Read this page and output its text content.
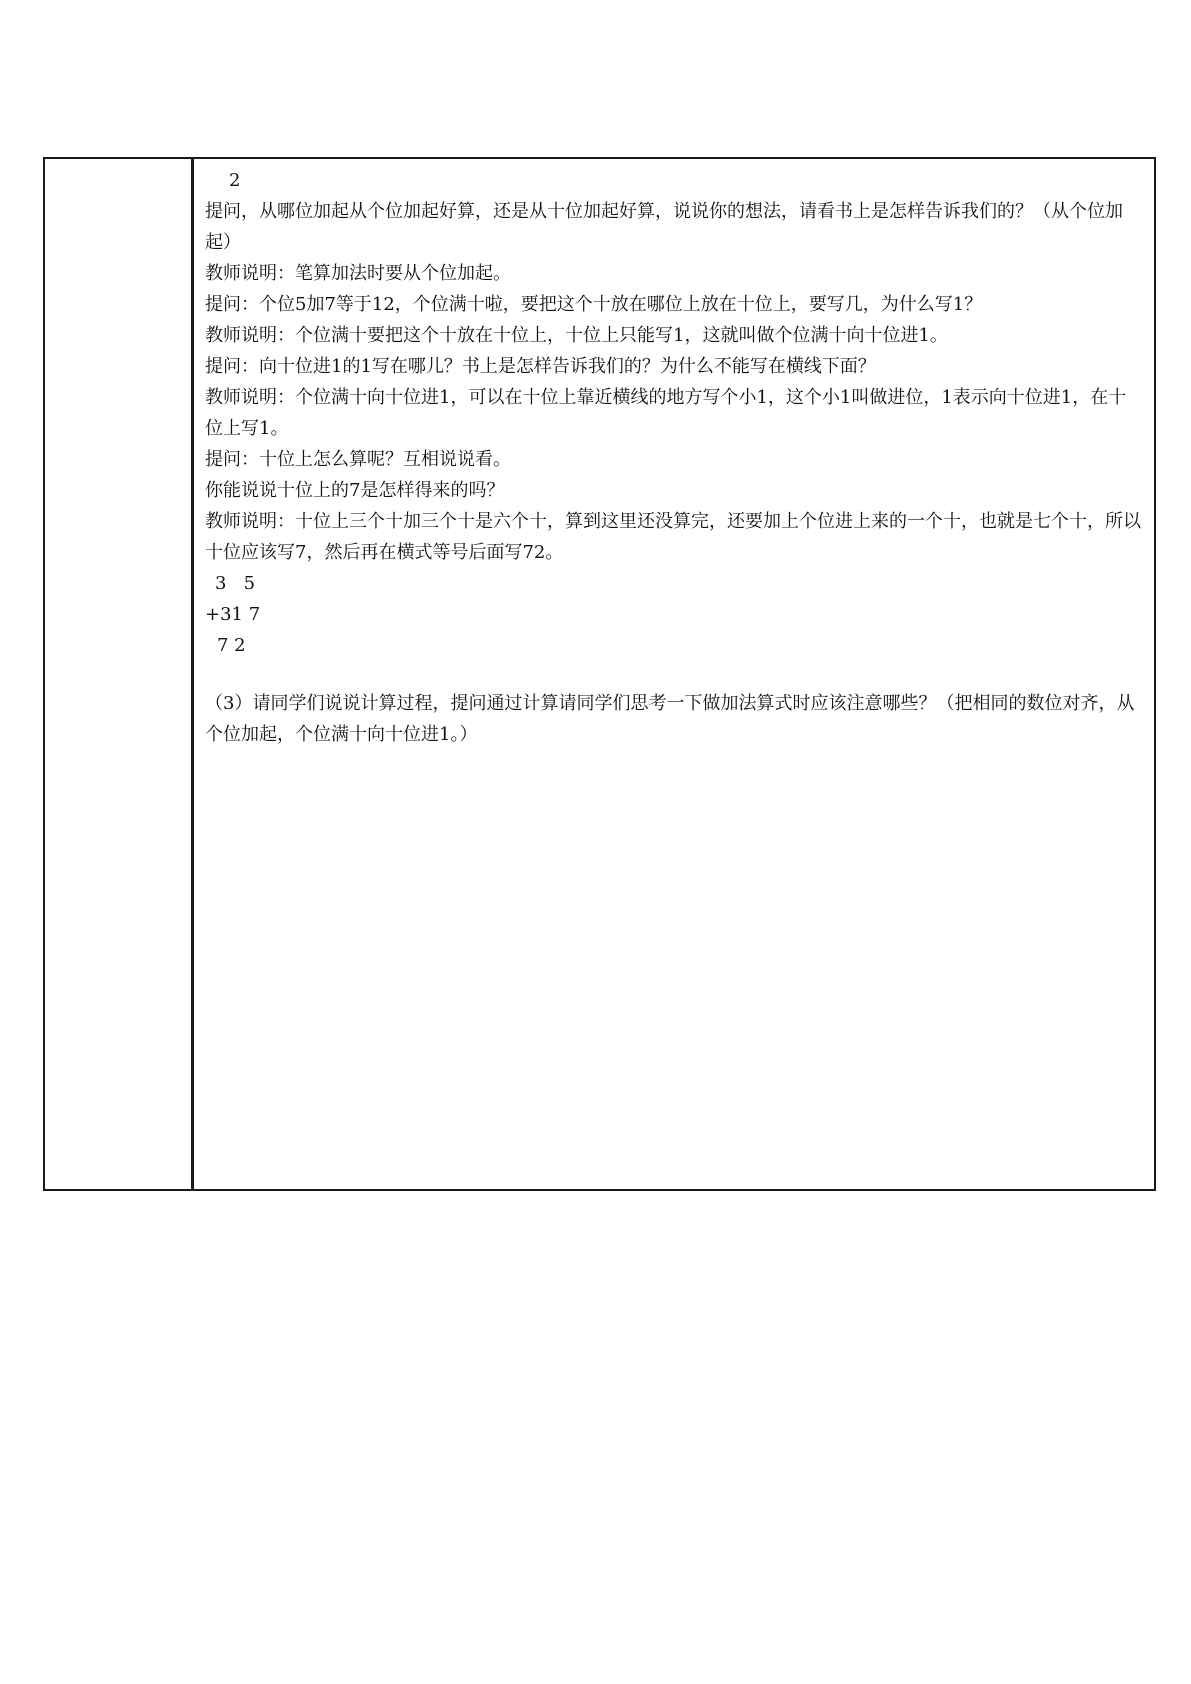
2

提问，从哪位加起从个位加起好算，还是从十位加起好算，说说你的想法，请看书上是怎样告诉我们的？（从个位加起）

教师说明：笔算加法时要从个位加起。

提问：个位5加7等于12，个位满十啦，要把这个十放在哪位上放在十位上，要写几，为什么写1？

教师说明：个位满十要把这个十放在十位上，十位上只能写1，这就叫做个位满十向十位进1。

提问：向十位进1的1写在哪儿？书上是怎样告诉我们的？为什么不能写在横线下面？

教师说明：个位满十向十位进1，可以在十位上靠近横线的地方写个小1，这个小1叫做进位，1表示向十位进1，在十位上写1。

提问：十位上怎么算呢？互相说说看。

你能说说十位上的7是怎样得来的吗？

教师说明：十位上三个十加三个十是六个十，算到这里还没算完，还要加上个位进上来的一个十，也就是七个十，所以十位应该写7，然后再在横式等号后面写72。

3   5

+31 7

7 2

（3）请同学们说说计算过程，提问通过计算请同学们思考一下做加法算式时应该注意哪些？（把相同的数位对齐，从个位加起，个位满十向十位进1。）
